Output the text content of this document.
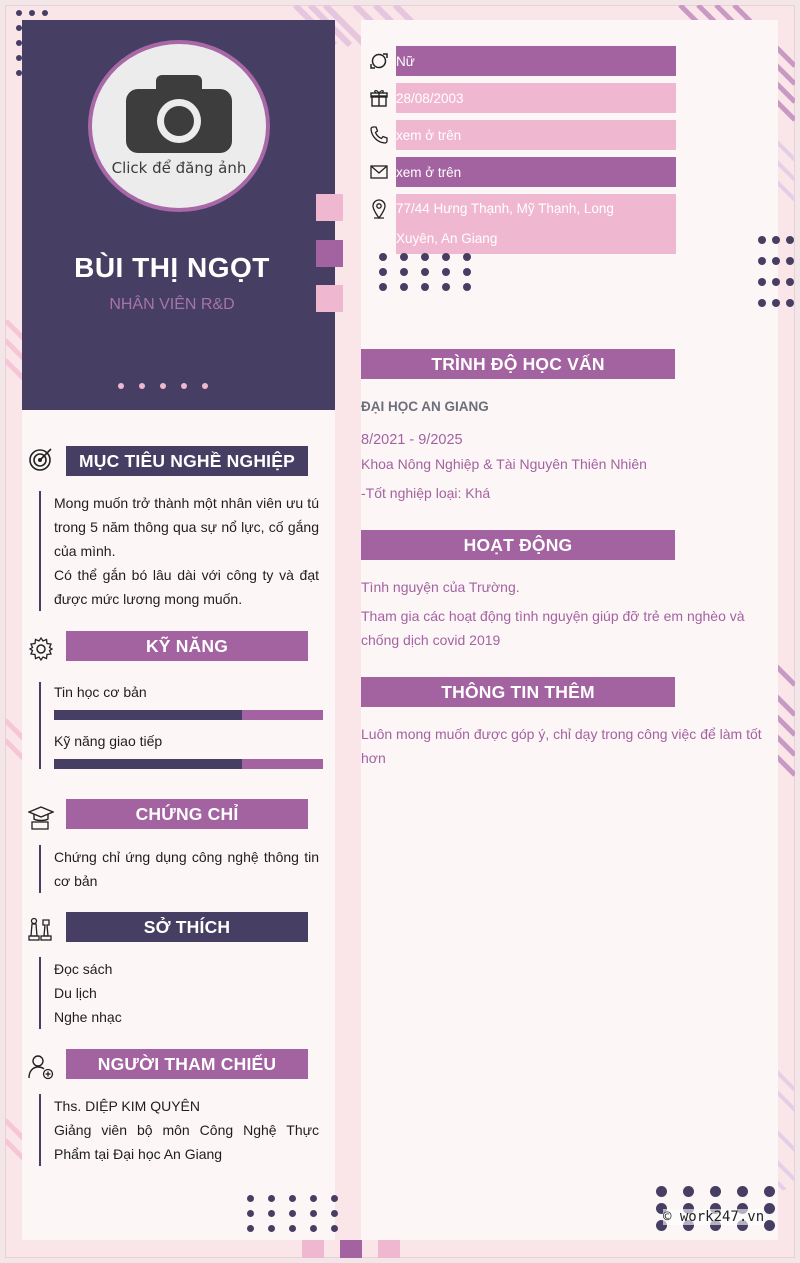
Click để đăng ảnh
BÙI THỊ NGỌT
NHÂN VIÊN R&D
Nữ
28/08/2003
xem ở trên
xem ở trên
77/44 Hưng Thạnh, Mỹ Thạnh, Long Xuyên, An Giang
MỤC TIÊU NGHỀ NGHIỆP
Mong muốn trở thành một nhân viên ưu tú trong 5 năm thông qua sự nổ lực, cố gắng của mình.
Có thể gắn bó lâu dài với công ty và đạt được mức lương mong muốn.
KỸ NĂNG
Tin học cơ bản
Kỹ năng giao tiếp
CHỨNG CHỈ
Chứng chỉ ứng dụng công nghệ thông tin cơ bản
SỞ THÍCH
Đọc sách
Du lịch
Nghe nhạc
NGƯỜI THAM CHIẾU
Ths. DIỆP KIM QUYÊN
Giảng viên bộ môn Công Nghệ Thực Phẩm tại Đại học An Giang
TRÌNH ĐỘ HỌC VẤN
ĐẠI HỌC AN GIANG
8/2021 - 9/2025
Khoa Nông Nghiệp & Tài Nguyên Thiên Nhiên
-Tốt nghiệp loại: Khá
HOẠT ĐỘNG
Tình nguyện của Trường.
Tham gia các hoạt động tình nguyện giúp đỡ trẻ em nghèo và chống dịch covid 2019
THÔNG TIN THÊM
Luôn mong muốn được góp ý, chỉ dạy trong công việc để làm tốt hơn
© work247.vn
